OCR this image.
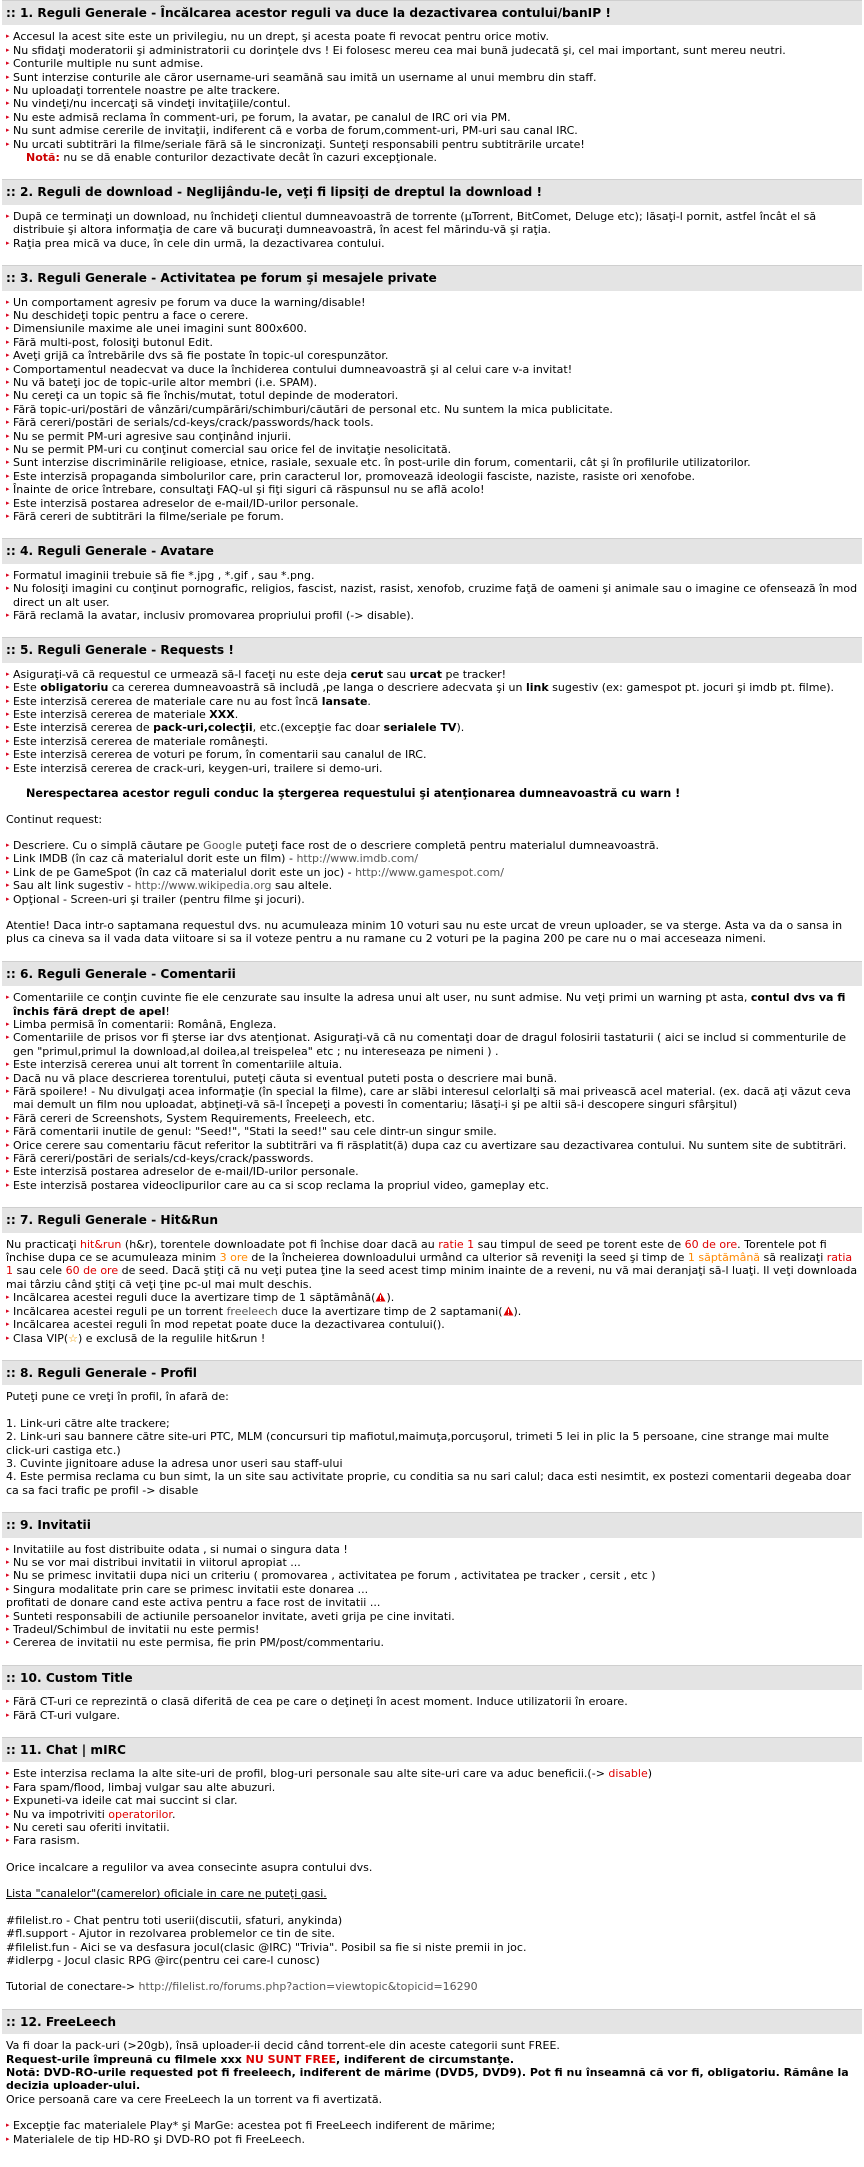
:: 1. Reguli Generale - Încălcarea acestor reguli va duce la dezactivarea contului/banIP !
▸ Accesul la acest site este un privilegiu, nu un drept, şi acesta poate fi revocat pentru orice motiv.
▸ Nu sfidaţi moderatorii şi administratorii cu dorinţele dvs ! Ei folosesc mereu cea mai bună judecată şi, cel mai important, sunt mereu neutri.
▸ Conturile multiple nu sunt admise.
▸ Sunt interzise conturile ale căror username-uri seamănă sau imită un username al unui membru din staff.
▸ Nu uploadaţi torrentele noastre pe alte trackere.
▸ Nu vindeţi/nu incercaţi să vindeţi invitaţiile/contul.
▸ Nu este admisă reclama în comment-uri, pe forum, la avatar, pe canalul de IRC ori via PM.
▸ Nu sunt admise cererile de invitaţii, indiferent că e vorba de forum,comment-uri, PM-uri sau canal IRC.
▸ Nu urcati subtitrări la filme/seriale fără să le sincronizaţi. Sunteţi responsabili pentru subtitrările urcate!
Notă: nu se dă enable conturilor dezactivate decât în cazuri excepţionale.
:: 2. Reguli de download - Neglijându-le, veţi fi lipsiţi de dreptul la download !
▸ După ce terminaţi un download, nu închideţi clientul dumneavoastră de torrente (µTorrent, BitComet, Deluge etc); lăsaţi-l pornit, astfel încât el să distribuie şi altora informaţia de care vă bucuraţi dumneavoastră, în acest fel mărindu-vă şi raţia.
▸ Raţia prea mică va duce, în cele din urmă, la dezactivarea contului.
:: 3. Reguli Generale - Activitatea pe forum şi mesajele private
▸ Un comportament agresiv pe forum va duce la warning/disable!
▸ Nu deschideţi topic pentru a face o cerere.
▸ Dimensiunile maxime ale unei imagini sunt 800x600.
▸ Fără multi-post, folosiţi butonul Edit.
▸ Aveţi grijă ca întrebările dvs să fie postate în topic-ul corespunzător.
▸ Comportamentul neadecvat va duce la închiderea contului dumneavoastră şi al celui care v-a invitat!
▸ Nu vă bateţi joc de topic-urile altor membri (i.e. SPAM).
▸ Nu cereţi ca un topic să fie închis/mutat, totul depinde de moderatori.
▸ Fără topic-uri/postări de vânzări/cumpărări/schimburi/căutări de personal etc. Nu suntem la mica publicitate.
▸ Fără cereri/postări de serials/cd-keys/crack/passwords/hack tools.
▸ Nu se permit PM-uri agresive sau conţinând injurii.
▸ Nu se permit PM-uri cu conţinut comercial sau orice fel de invitaţie nesolicitată.
▸ Sunt interzise discriminările religioase, etnice, rasiale, sexuale etc. în post-urile din forum, comentarii, cât şi în profilurile utilizatorilor.
▸ Este interzisă propaganda simbolurilor care, prin caracterul lor, promovează ideologii fasciste, naziste, rasiste ori xenofobe.
▸ Înainte de orice întrebare, consultaţi FAQ-ul şi fiţi siguri că răspunsul nu se află acolo!
▸ Este interzisă postarea adreselor de e-mail/ID-urilor personale.
▸ Fără cereri de subtitrări la filme/seriale pe forum.
:: 4. Reguli Generale - Avatare
▸ Formatul imaginii trebuie să fie *.jpg , *.gif , sau *.png.
▸ Nu folosiţi imagini cu conţinut pornografic, religios, fascist, nazist, rasist, xenofob, cruzime faţă de oameni şi animale sau o imagine ce ofensează în mod direct un alt user.
▸ Fără reclamă la avatar, inclusiv promovarea propriului profil (-> disable).
:: 5. Reguli Generale - Requests !
▸ Asiguraţi-vă că requestul ce urmează să-l faceţi nu este deja cerut sau urcat pe tracker!
▸ Este obligatoriu ca cererea dumneavoastră să includă ,pe langa o descriere adecvata şi un link sugestiv (ex: gamespot pt. jocuri şi imdb pt. filme).
▸ Este interzisă cererea de materiale care nu au fost încă lansate.
▸ Este interzisă cererea de materiale XXX.
▸ Este interzisă cererea de pack-uri,colecţii, etc.(excepţie fac doar serialele TV).
▸ Este interzisă cererea de materiale româneşti.
▸ Este interzisă cererea de voturi pe forum, în comentarii sau canalul de IRC.
▸ Este interzisă cererea de crack-uri, keygen-uri, trailere si demo-uri.
Nerespectarea acestor reguli conduc la ştergerea requestului şi atenţionarea dumneavoastră cu warn !
Continut request:
▸ Descriere. Cu o simplă căutare pe Google puteţi face rost de o descriere completă pentru materialul dumneavoastră.
▸ Link IMDB (în caz că materialul dorit este un film) - http://www.imdb.com/
▸ Link de pe GameSpot (în caz că materialul dorit este un joc) - http://www.gamespot.com/
▸ Sau alt link sugestiv - http://www.wikipedia.org sau altele.
▸ Opţional - Screen-uri şi trailer (pentru filme şi jocuri).
Atentie! Daca intr-o saptamana requestul dvs. nu acumuleaza minim 10 voturi sau nu este urcat de vreun uploader, se va sterge. Asta va da o sansa in plus ca cineva sa il vada data viitoare si sa il voteze pentru a nu ramane cu 2 voturi pe la pagina 200 pe care nu o mai acceseaza nimeni.
:: 6. Reguli Generale - Comentarii
▸ Comentariile ce conţin cuvinte fie ele cenzurate sau insulte la adresa unui alt user, nu sunt admise. Nu veţi primi un warning pt asta, contul dvs va fi închis fără drept de apel!
▸ Limba permisă în comentarii: Română, Engleza.
▸ Comentariile de prisos vor fi şterse iar dvs atenţionat. Asiguraţi-vă că nu comentaţi doar de dragul folosirii tastaturii ( aici se includ si commenturile de gen "primul,primul la download,al doilea,al treispelea" etc ; nu intereseaza pe nimeni ) .
▸ Este interzisă cererea unui alt torrent în comentariile altuia.
▸ Dacă nu vă place descrierea torentului, puteţi căuta si eventual puteti posta o descriere mai bună.
▸ Fără spoilere! - Nu divulgaţi acea informaţie (în special la filme), care ar slăbi interesul celorlalţi să mai privească acel material. (ex. dacă aţi văzut ceva mai demult un film nou uploadat, abţineţi-vă să-l începeţi a povesti în comentariu; lăsaţi-i şi pe altii să-i descopere singuri sfârşitul)
▸ Fără cereri de Screenshots, System Requirements, Freeleech, etc.
▸ Fără comentarii inutile de genul: "Seed!", "Stati la seed!" sau cele dintr-un singur smile.
▸ Orice cerere sau comentariu făcut referitor la subtitrări va fi răsplatit(ă) dupa caz cu avertizare sau dezactivarea contului. Nu suntem site de subtitrări.
▸ Fără cereri/postări de serials/cd-keys/crack/passwords.
▸ Este interzisă postarea adreselor de e-mail/ID-urilor personale.
▸ Este interzisă postarea videoclipurilor care au ca si scop reclama la propriul video, gameplay etc.
:: 7. Reguli Generale - Hit&Run
Nu practicaţi hit&run (h&r), torentele downloadate pot fi închise doar dacă au ratie 1 sau timpul de seed pe torent este de 60 de ore. Torentele pot fi închise dupa ce se acumuleaza minim 3 ore de la încheierea downloadului urmând ca ulterior să reveniţi la seed şi timp de 1 săptămână să realizaţi ratia 1 sau cele 60 de ore de seed. Dacă ştiţi că nu veţi putea ţine la seed acest timp minim inainte de a reveni, nu vă mai deranjaţi să-l luaţi. Il veţi downloada mai târziu când ştiţi că veţi ţine pc-ul mai mult deschis.
▸ Incălcarea acestei reguli duce la avertizare timp de 1 săptămână( ).
▸ Incălcarea acestei reguli pe un torrent freeleech duce la avertizare timp de 2 saptamani( ).
▸ Incălcarea acestei reguli în mod repetat poate duce la dezactivarea contului().
▸ Clasa VIP(☆) e exclusă de la regulile hit&run !
:: 8. Reguli Generale - Profil
Puteţi pune ce vreţi în profil, în afară de:
1. Link-uri către alte trackere;
2. Link-uri sau bannere către site-uri PTC, MLM (concursuri tip mafiotul,maimuţa,porcuşorul, trimeti 5 lei in plic la 5 persoane, cine strange mai multe click-uri castiga etc.)
3. Cuvinte jignitoare aduse la adresa unor useri sau staff-ului
4. Este permisa reclama cu bun simt, la un site sau activitate proprie, cu conditia sa nu sari calul; daca esti nesimtit, ex postezi comentarii degeaba doar ca sa faci trafic pe profil -> disable
:: 9. Invitatii
▸ Invitatiile au fost distribuite odata , si numai o singura data !
▸ Nu se vor mai distribui invitatii in viitorul apropiat ...
▸ Nu se primesc invitatii dupa nici un criteriu ( promovarea , activitatea pe forum , activitatea pe tracker , cersit , etc )
▸ Singura modalitate prin care se primesc invitatii este donarea ...
profitati de donare cand este activa pentru a face rost de invitatii ...
▸ Sunteti responsabili de actiunile persoanelor invitate, aveti grija pe cine invitati.
▸ Tradeul/Schimbul de invitatii nu este permis!
▸ Cererea de invitatii nu este permisa, fie prin PM/post/commentariu.
:: 10. Custom Title
▸ Fără CT-uri ce reprezintă o clasă diferită de cea pe care o deţineţi în acest moment. Induce utilizatorii în eroare.
▸ Fără CT-uri vulgare.
:: 11. Chat | mIRC
▸ Este interzisa reclama la alte site-uri de profil, blog-uri personale sau alte site-uri care va aduc beneficii.(-> disable)
▸ Fara spam/flood, limbaj vulgar sau alte abuzuri.
▸ Expuneti-va ideile cat mai succint si clar.
▸ Nu va impotriviti operatorilor.
▸ Nu cereti sau oferiti invitatii.
▸ Fara rasism.
Orice incalcare a regulilor va avea consecinte asupra contului dvs.
Lista "canalelor"(camerelor) oficiale in care ne puteţi gasi.
#filelist.ro - Chat pentru toti userii(discutii, sfaturi, anykinda)
#fl.support - Ajutor in rezolvarea problemelor ce tin de site.
#filelist.fun - Aici se va desfasura jocul(clasic @IRC) "Trivia". Posibil sa fie si niste premii in joc.
#idlerpg - Jocul clasic RPG @irc(pentru cei care-l cunosc)
Tutorial de conectare-> http://filelist.ro/forums.php?action=viewtopic&topicid=16290
:: 12. FreeLeech
Va fi doar la pack-uri (>20gb), însă uploader-ii decid când torrent-ele din aceste categorii sunt FREE.
Request-urile împreună cu filmele xxx NU SUNT FREE, indiferent de circumstanţe.
Notă: DVD-RO-urile requested pot fi freeleech, indiferent de mărime (DVD5, DVD9). Pot fi nu înseamnă că vor fi, obligatoriu. Rămâne la decizia uploader-ului.
Orice persoană care va cere FreeLeech la un torrent va fi avertizată.
▸ Excepţie fac materialele Play* şi MarGe: acestea pot fi FreeLeech indiferent de mărime;
▸ Materialele de tip HD-RO şi DVD-RO pot fi FreeLeech.
